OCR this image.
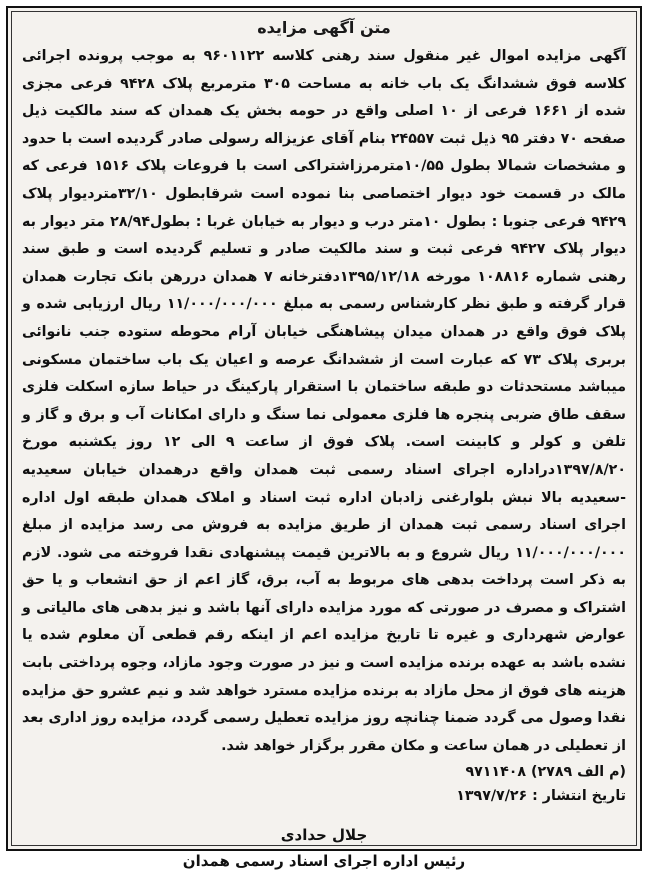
متن آگهی مزایده

آگهی مزایده اموال غیر منقول سند رهنی کلاسه ۹۶۰۱۱۲۲ به موجب پرونده اجرائی کلاسه فوق ششدانگ یک باب خانه به مساحت ۳۰۵ مترمربع پلاک ۹۴۲۸ فرعی مجزی شده از ۱۶۶۱ فرعی از ۱۰ اصلی واقع در حومه بخش یک همدان که سند مالکیت ذیل صفحه ۷۰ دفتر ۹۵ ذیل ثبت ۲۴۵۵۷ بنام آقای عزیزاله رسولی صادر گردیده است با حدود و مشخصات شمالا بطول ۱۰/۵۵مترمرزاشتراکی است با فروعات پلاک ۱۵۱۶ فرعی که مالک در قسمت خود دیوار اختصاصی بنا نموده است شرقابطول ۳۲/۱۰متردیوار پلاک ۹۴۲۹ فرعی جنوبا : بطول ۱۰متر درب و دیوار به خیابان غربا : بطول۲۸/۹۴ متر دیوار به دیوار پلاک ۹۴۲۷ فرعی ثبت و سند مالکیت صادر و تسلیم گردیده است و طبق سند رهنی شماره ۱۰۸۸۱۶ مورخه ۱۳۹۵/۱۲/۱۸دفترخانه ۷ همدان دررهن بانک تجارت همدان قرار گرفته و طبق نظر کارشناس رسمی به مبلغ ۱۱/۰۰۰/۰۰۰/۰۰۰ ریال ارزیابی شده و پلاک فوق واقع در همدان میدان پیشاهنگی خیابان آرام محوطه ستوده جنب نانوائی بربری پلاک ۷۳ که عبارت است از ششدانگ عرصه و اعیان یک باب ساختمان مسکونی میباشد مستحدثات دو طبقه ساختمان با استقرار پارکینگ در حیاط سازه اسکلت فلزی سقف طاق ضربی پنجره ها فلزی معمولی نما سنگ و دارای امکانات آب و برق و گاز و تلفن و کولر و کابینت است. پلاک فوق از ساعت ۹ الی ۱۲ روز یکشنبه مورخ ۱۳۹۷/۸/۲۰دراداره اجرای اسناد رسمی ثبت همدان واقع درهمدان خیابان سعیدیه -سعیدیه بالا نبش بلوارغنی زادبان اداره ثبت اسناد و املاک همدان طبقه اول اداره اجرای اسناد رسمی ثبت همدان از طریق مزایده به فروش می رسد مزایده از مبلغ ۱۱/۰۰۰/۰۰۰/۰۰۰ ریال شروع و به بالاترین قیمت پیشنهادی نقدا فروخته می شود. لازم به ذکر است پرداخت بدهی های مربوط به آب، برق، گاز اعم از حق انشعاب و یا حق اشتراک و مصرف در صورتی که مورد مزایده دارای آنها باشد و نیز بدهی های مالیاتی و عوارض شهرداری و غیره تا تاریخ مزایده اعم از اینکه رقم قطعی آن معلوم شده یا نشده باشد به عهده برنده مزایده است و نیز در صورت وجود مازاد، وجوه پرداختی بابت هزینه های فوق از محل مازاد به برنده مزایده مسترد خواهد شد و نیم عشرو حق مزایده نقدا وصول می گردد ضمنا چنانچه روز مزایده تعطیل رسمی گردد، مزایده روز اداری بعد از تعطیلی در همان ساعت و مکان مقرر برگزار خواهد شد.

(م الف ۲۷۸۹) ۹۷۱۱۴۰۸

تاریخ انتشار : ۱۳۹۷/۷/۲۶

جلال حدادی
رئیس اداره اجرای اسناد رسمی همدان
